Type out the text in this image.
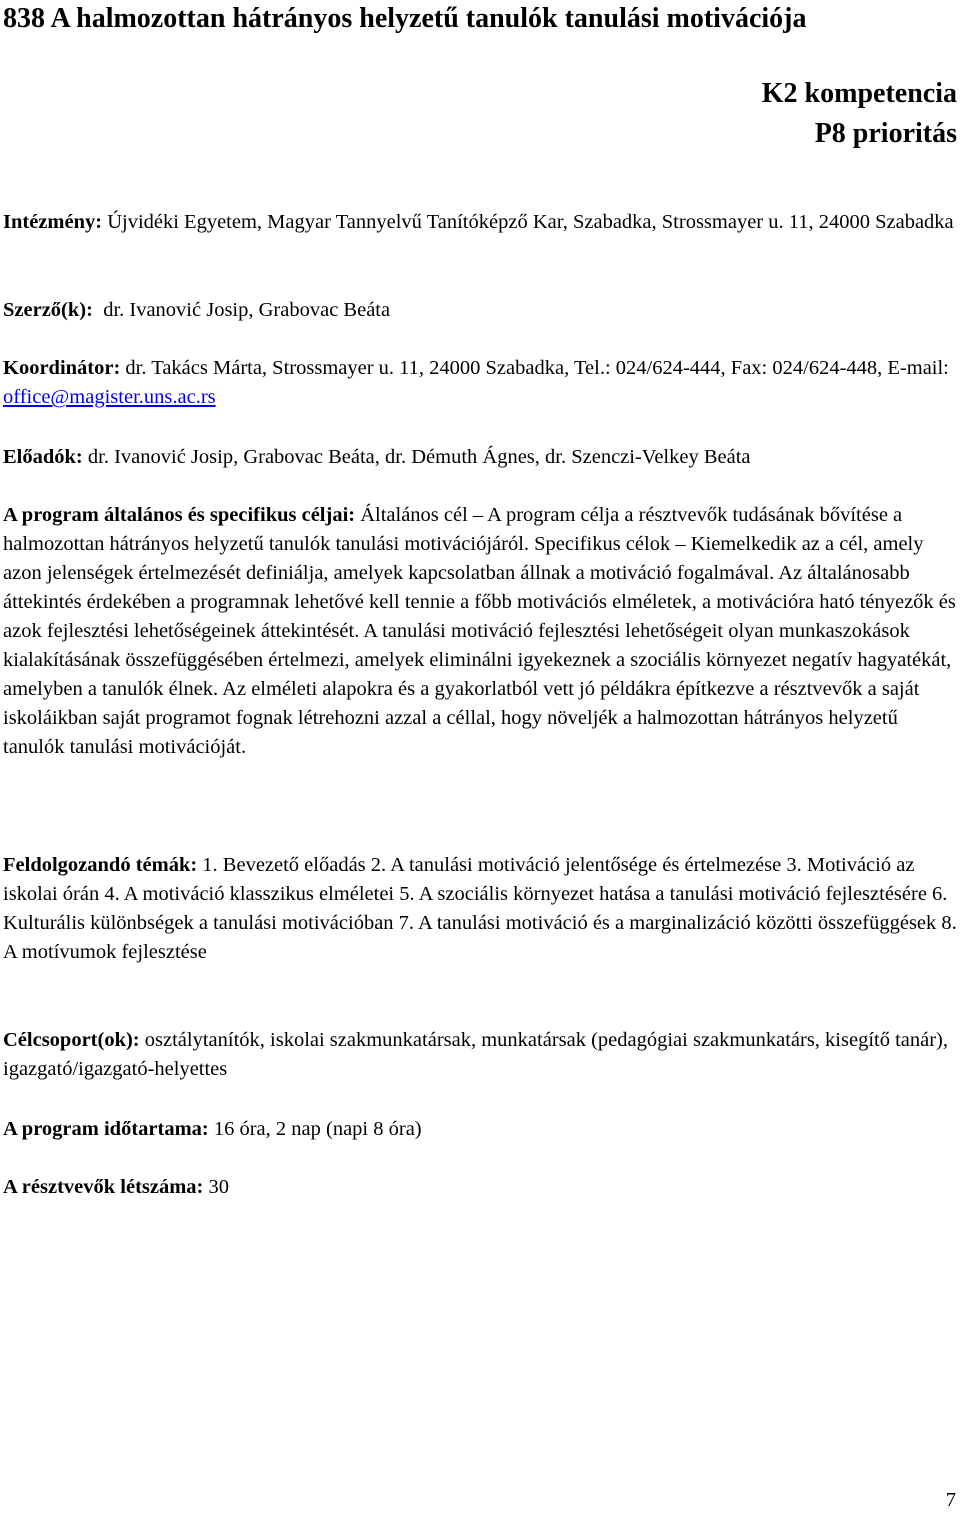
838 A halmozottan hátrányos helyzetű tanulók tanulási motivációja
K2 kompetencia
P8 prioritás

Intézmény: Újvidéki Egyetem, Magyar Tannyelvű Tanítóképző Kar, Szabadka, Strossmayer u. 11, 24000 Szabadka

Szerző(k): dr. Ivanović Josip, Grabovac Beáta

Koordinátor: dr. Takács Márta, Strossmayer u. 11, 24000 Szabadka, Tel.: 024/624-444, Fax: 024/624-448, E-mail: office@magister.uns.ac.rs

Előadók: dr. Ivanović Josip, Grabovac Beáta, dr. Démuth Ágnes, dr. Szenczi-Velkey Beáta

A program általános és specifikus céljai: Általános cél – A program célja a résztvevők tudásának bővítése a halmozottan hátrányos helyzetű tanulók tanulási motivációjáról. Specifikus célok – Kiemelkedik az a cél, amely azon jelenségek értelmezését definiálja, amelyek kapcsolatban állnak a motiváció fogalmával. Az általánosabb áttekintés érdekében a programnak lehetővé kell tennie a főbb motivációs elméletek, a motivációra ható tényezők és azok fejlesztési lehetőségeinek áttekintését. A tanulási motiváció fejlesztési lehetőségeit olyan munkaszokások kialakításának összefüggésében értelmezi, amelyek eliminálni igyekeznek a szociális környezet negatív hagyatékát, amelyben a tanulók élnek. Az elméleti alapokra és a gyakorlatból vett jó példákra építkezve a résztvevők a saját iskoláikban saját programot fognak létrehozni azzal a céllal, hogy növeljék a halmozottan hátrányos helyzetű tanulók tanulási motivációját.

Feldolgozandó témák: 1. Bevezető előadás 2. A tanulási motiváció jelentősége és értelmezése 3. Motiváció az iskolai órán 4. A motiváció klasszikus elméletei 5. A szociális környezet hatása a tanulási motiváció fejlesztésére 6. Kulturális különbségek a tanulási motivációban 7. A tanulási motiváció és a marginalizáció közötti összefüggések 8. A motívumok fejlesztése

Célcsoport(ok): osztálytanítók, iskolai szakmunkatársak, munkatársak (pedagógiai szakmunkatárs, kisegítő tanár), igazgató/igazgató-helyettes

A program időtartama: 16 óra, 2 nap (napi 8 óra)

A résztvevők létszáma: 30

7
